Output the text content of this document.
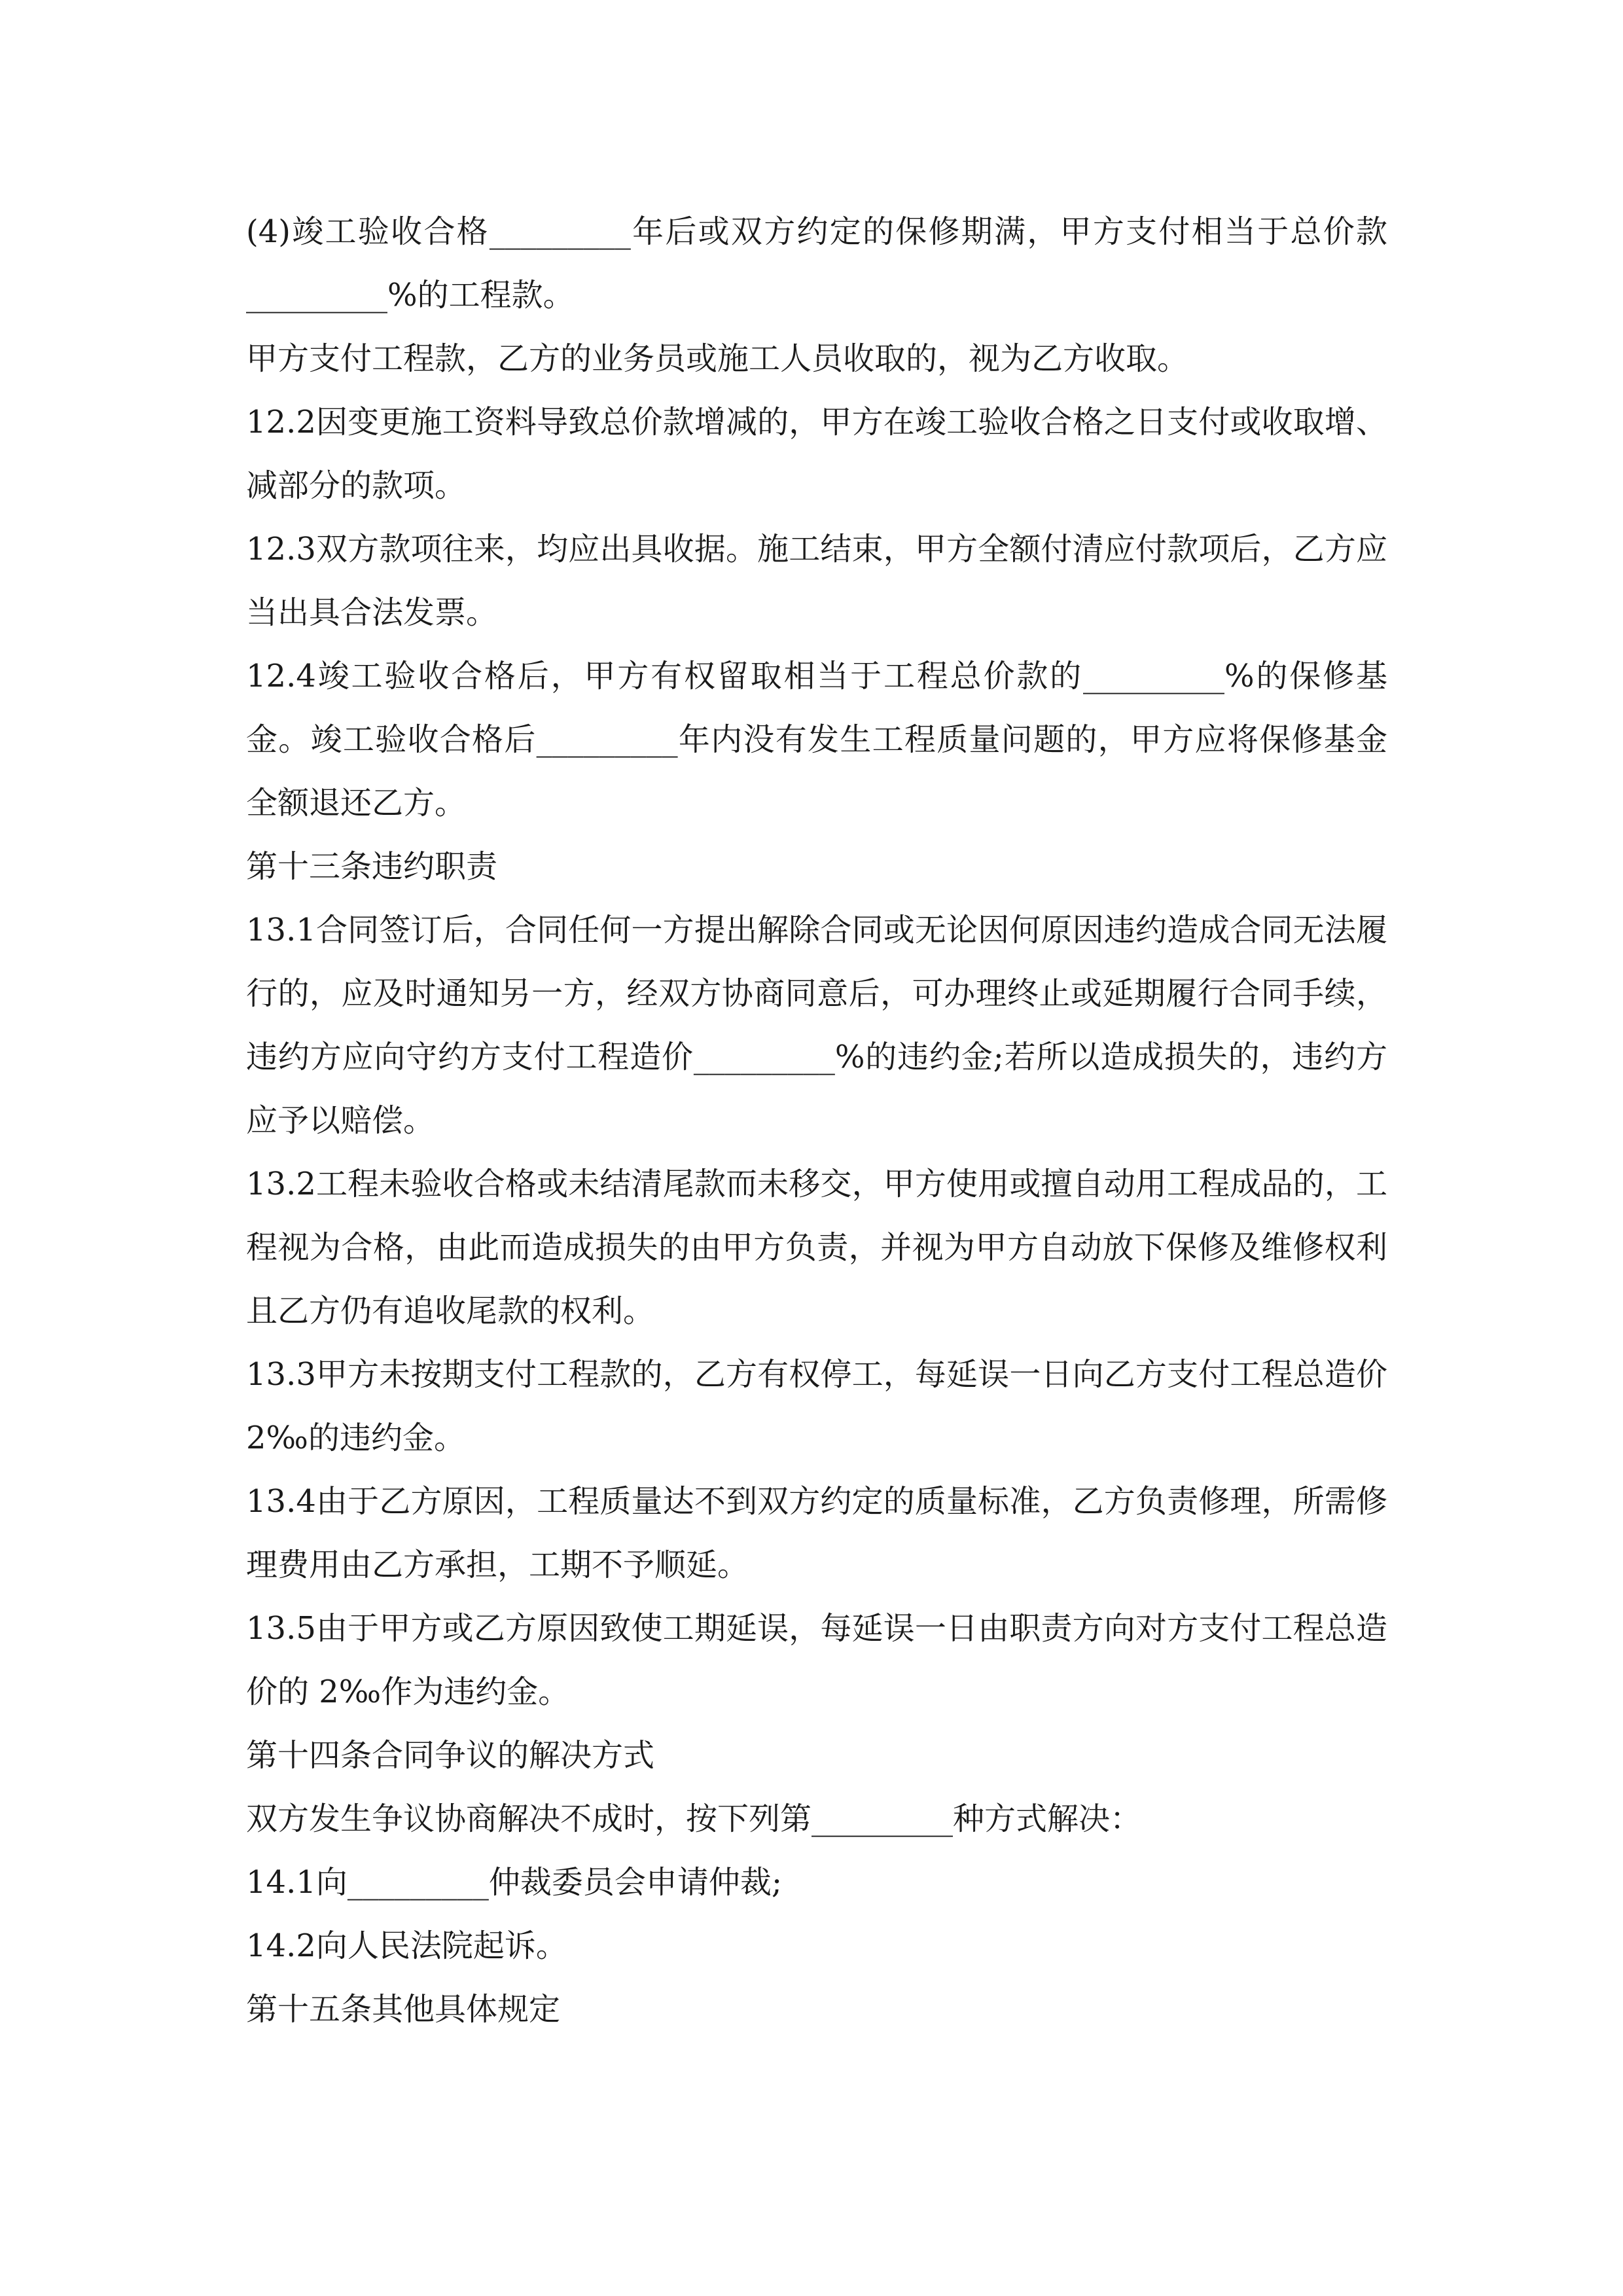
(4)竣工验收合格_________年后或双方约定的保修期满，甲方支付相当于总价款_________%的工程款。

甲方支付工程款，乙方的业务员或施工人员收取的，视为乙方收取。

12.2因变更施工资料导致总价款增减的，甲方在竣工验收合格之日支付或收取增、减部分的款项。

12.3双方款项往来，均应出具收据。施工结束，甲方全额付清应付款项后，乙方应当出具合法发票。

12.4竣工验收合格后，甲方有权留取相当于工程总价款的_________%的保修基金。竣工验收合格后_________年内没有发生工程质量问题的，甲方应将保修基金全额退还乙方。

第十三条违约职责

13.1合同签订后，合同任何一方提出解除合同或无论因何原因违约造成合同无法履行的，应及时通知另一方，经双方协商同意后，可办理终止或延期履行合同手续，违约方应向守约方支付工程造价_________%的违约金;若所以造成损失的，违约方应予以赔偿。

13.2工程未验收合格或未结清尾款而未移交，甲方使用或擅自动用工程成品的，工程视为合格，由此而造成损失的由甲方负责，并视为甲方自动放下保修及维修权利且乙方仍有追收尾款的权利。

13.3甲方未按期支付工程款的，乙方有权停工，每延误一日向乙方支付工程总造价 2‰的违约金。

13.4由于乙方原因，工程质量达不到双方约定的质量标准，乙方负责修理，所需修理费用由乙方承担，工期不予顺延。

13.5由于甲方或乙方原因致使工期延误，每延误一日由职责方向对方支付工程总造价的 2‰作为违约金。

第十四条合同争议的解决方式

双方发生争议协商解决不成时，按下列第_________种方式解决：

14.1向_________仲裁委员会申请仲裁;

14.2向人民法院起诉。

第十五条其他具体规定
